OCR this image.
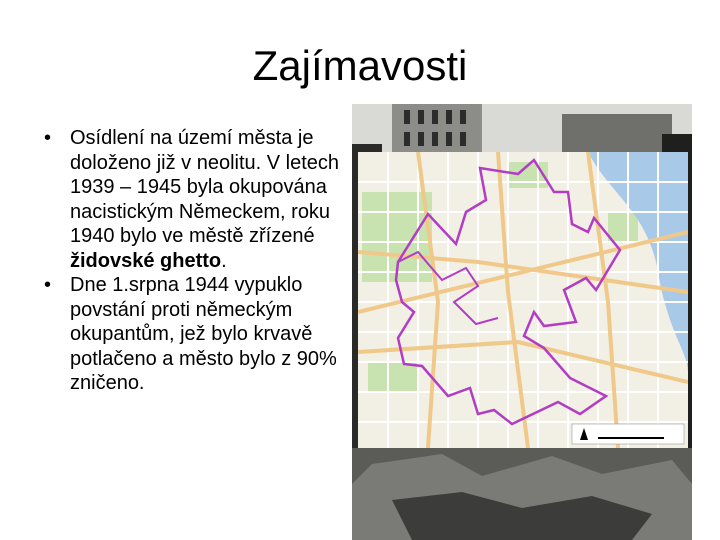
Zajímavosti
• Osídlení na území města je doloženo již v neolitu. V letech 1939 – 1945 byla okupována nacistickým Německem, roku 1940 bylo ve městě zřízené židovské ghetto.
• Dne 1.srpna 1944 vypuklo povstání proti německým okupantům, jež bylo krvavě potlačeno a město bylo z 90% zničeno.
